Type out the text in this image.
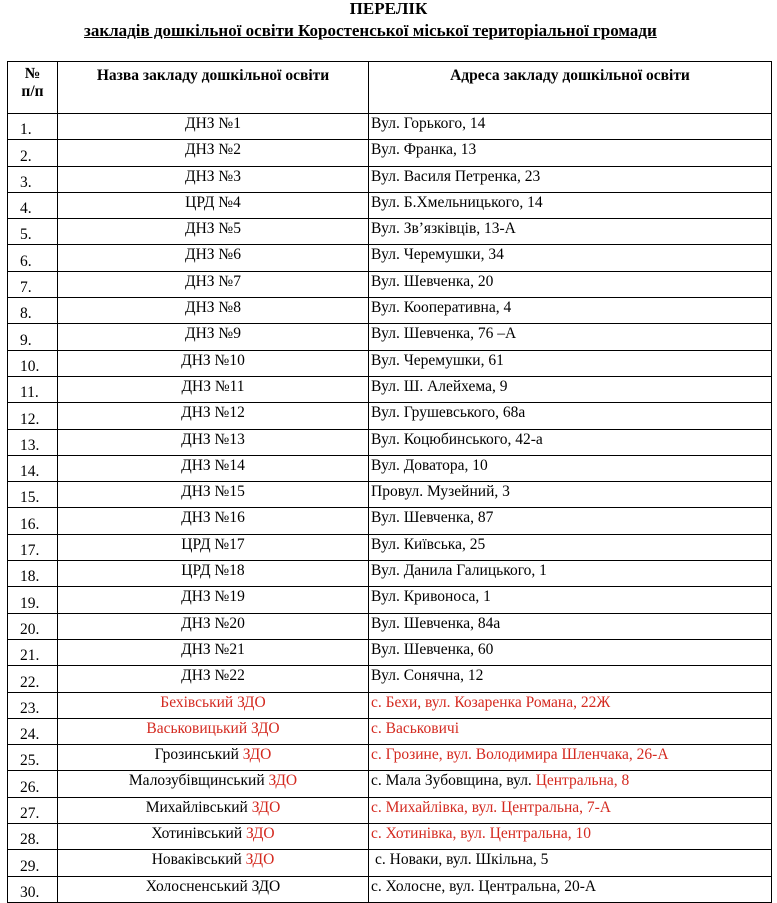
ПЕРЕЛІК
закладів дошкільної освіти Коростенської міської територіальної громади
№
п/п	Назва закладу дошкільної освіти	Адреса закладу дошкільної освіти
1.	ДНЗ №1	Вул. Горького, 14
2.	ДНЗ №2	Вул. Франка, 13
3.	ДНЗ №3	Вул. Василя Петренка, 23
4.	ЦРД №4	Вул. Б.Хмельницького, 14
5.	ДНЗ №5	Вул. Зв’язківців, 13-А
6.	ДНЗ №6	Вул. Черемушки, 34
7.	ДНЗ №7	Вул. Шевченка, 20
8.	ДНЗ №8	Вул. Кооперативна, 4
9.	ДНЗ №9	Вул. Шевченка, 76 –А
10.	ДНЗ №10	Вул. Черемушки, 61
11.	ДНЗ №11	Вул. Ш. Алейхема, 9
12.	ДНЗ №12	Вул. Грушевського, 68а
13.	ДНЗ №13	Вул. Коцюбинського, 42-а
14.	ДНЗ №14	Вул. Доватора, 10
15.	ДНЗ №15	Провул. Музейний, 3
16.	ДНЗ №16	Вул. Шевченка, 87
17.	ЦРД №17	Вул. Київська, 25
18.	ЦРД №18	Вул. Данила Галицького, 1
19.	ДНЗ №19	Вул. Кривоноса, 1
20.	ДНЗ №20	Вул. Шевченка, 84а
21.	ДНЗ №21	Вул. Шевченка, 60
22.	ДНЗ №22	Вул. Сонячна, 12
23.	Бехівський ЗДО	с. Бехи, вул. Козаренка Романа, 22Ж
24.	Васьковицький ЗДО	с. Васьковичі
25.	Грозинський ЗДО	с. Грозине, вул. Володимира Шленчака, 26-А
26.	Малозубівщинський ЗДО	с. Мала Зубовщина, вул. Центральна, 8
27.	Михайлівський ЗДО	с. Михайлівка, вул. Центральна, 7-А
28.	Хотинівський ЗДО	с. Хотинівка, вул. Центральна, 10
29.	Новаківський ЗДО	с. Новаки, вул. Шкільна, 5
30.	Холосненський ЗДО	с. Холосне, вул. Центральна, 20-А
